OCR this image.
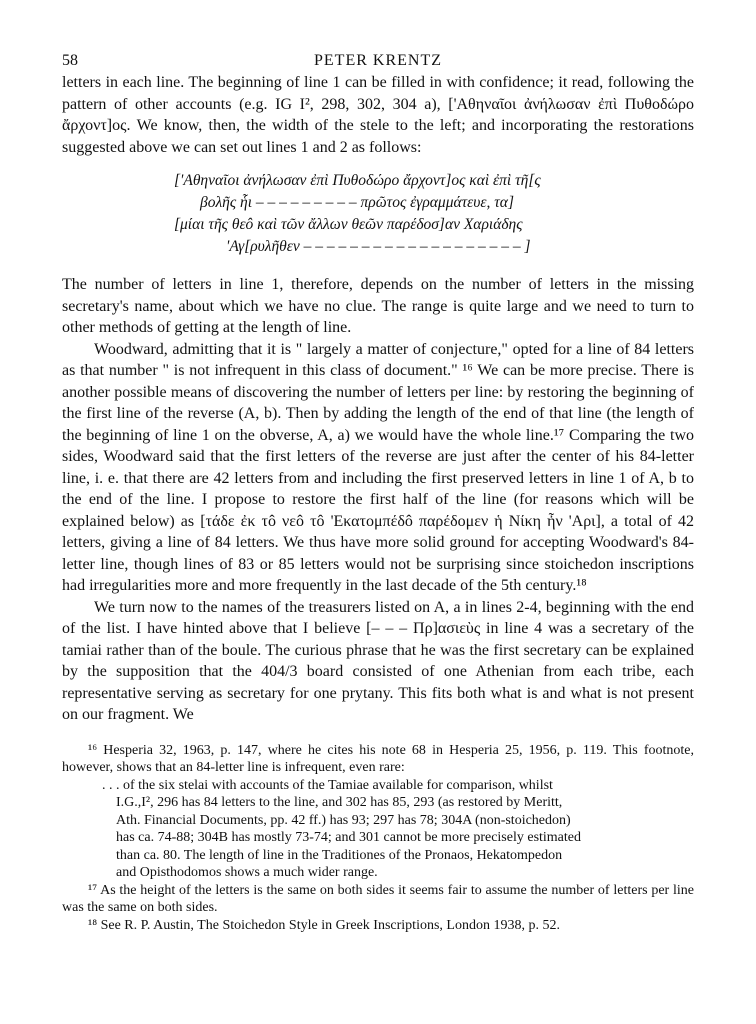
58	PETER KRENTZ

letters in each line. The beginning of line 1 can be filled in with confidence; it read, following the pattern of other accounts (e.g. IG I², 298, 302, 304 a), ['Αθηναῖοι ἀνήλωσαν ἐπὶ Πυθοδώρο ἄρχοντ]ος. We know, then, the width of the stele to the left; and incorporating the restorations suggested above we can set out lines 1 and 2 as follows:

['Αθηναῖοι ἀνήλωσαν ἐπὶ Πυθοδώρο ἄρχοντ]ος καὶ ἐπὶ τῆ[ς
βολῆς ἧι – – – – – – – – – πρῶτος ἐγραμμάτευε, τα]
[μίαι τῆς θεô καὶ τῶν ἄλλων θεῶν παρέδοσ]αν Χαριάδης
'Αγ[ρυλῆθεν – – – – – – – – – – – – – – – – – – – ]

The number of letters in line 1, therefore, depends on the number of letters in the missing secretary's name, about which we have no clue. The range is quite large and we need to turn to other methods of getting at the length of line.

Woodward, admitting that it is " largely a matter of conjecture," opted for a line of 84 letters as that number " is not infrequent in this class of document." ¹⁶ We can be more precise. There is another possible means of discovering the number of letters per line: by restoring the beginning of the first line of the reverse (A, b). Then by adding the length of the end of that line (the length of the beginning of line 1 on the obverse, A, a) we would have the whole line.¹⁷ Comparing the two sides, Woodward said that the first letters of the reverse are just after the center of his 84-letter line, i. e. that there are 42 letters from and including the first preserved letters in line 1 of A, b to the end of the line. I propose to restore the first half of the line (for reasons which will be explained below) as [τάδε ἐκ τô νεô τô 'Εκατομπέδô παρέδομεν ἡ Νίκη ἦν 'Αρι], a total of 42 letters, giving a line of 84 letters. We thus have more solid ground for accepting Woodward's 84-letter line, though lines of 83 or 85 letters would not be surprising since stoichedon inscriptions had irregularities more and more frequently in the last decade of the 5th century.¹⁸

We turn now to the names of the treasurers listed on A, a in lines 2-4, beginning with the end of the list. I have hinted above that I believe [– – – Πρ]ασιεὺς in line 4 was a secretary of the tamiai rather than of the boule. The curious phrase that he was the first secretary can be explained by the supposition that the 404/3 board consisted of one Athenian from each tribe, each representative serving as secretary for one prytany. This fits both what is and what is not present on our fragment. We

¹⁶ Hesperia 32, 1963, p. 147, where he cites his note 68 in Hesperia 25, 1956, p. 119. This footnote, however, shows that an 84-letter line is infrequent, even rare:

. . . of the six stelai with accounts of the Tamiae available for comparison, whilst
I.G.,I², 296 has 84 letters to the line, and 302 has 85, 293 (as restored by Meritt,
Ath. Financial Documents, pp. 42 ff.) has 93; 297 has 78; 304A (non-stoichedon)
has ca. 74-88; 304B has mostly 73-74; and 301 cannot be more precisely estimated
than ca. 80. The length of line in the Traditiones of the Pronaos, Hekatompedon
and Opisthodomos shows a much wider range.

¹⁷ As the height of the letters is the same on both sides it seems fair to assume the number of letters per line was the same on both sides.

¹⁸ See R. P. Austin, The Stoichedon Style in Greek Inscriptions, London 1938, p. 52.
